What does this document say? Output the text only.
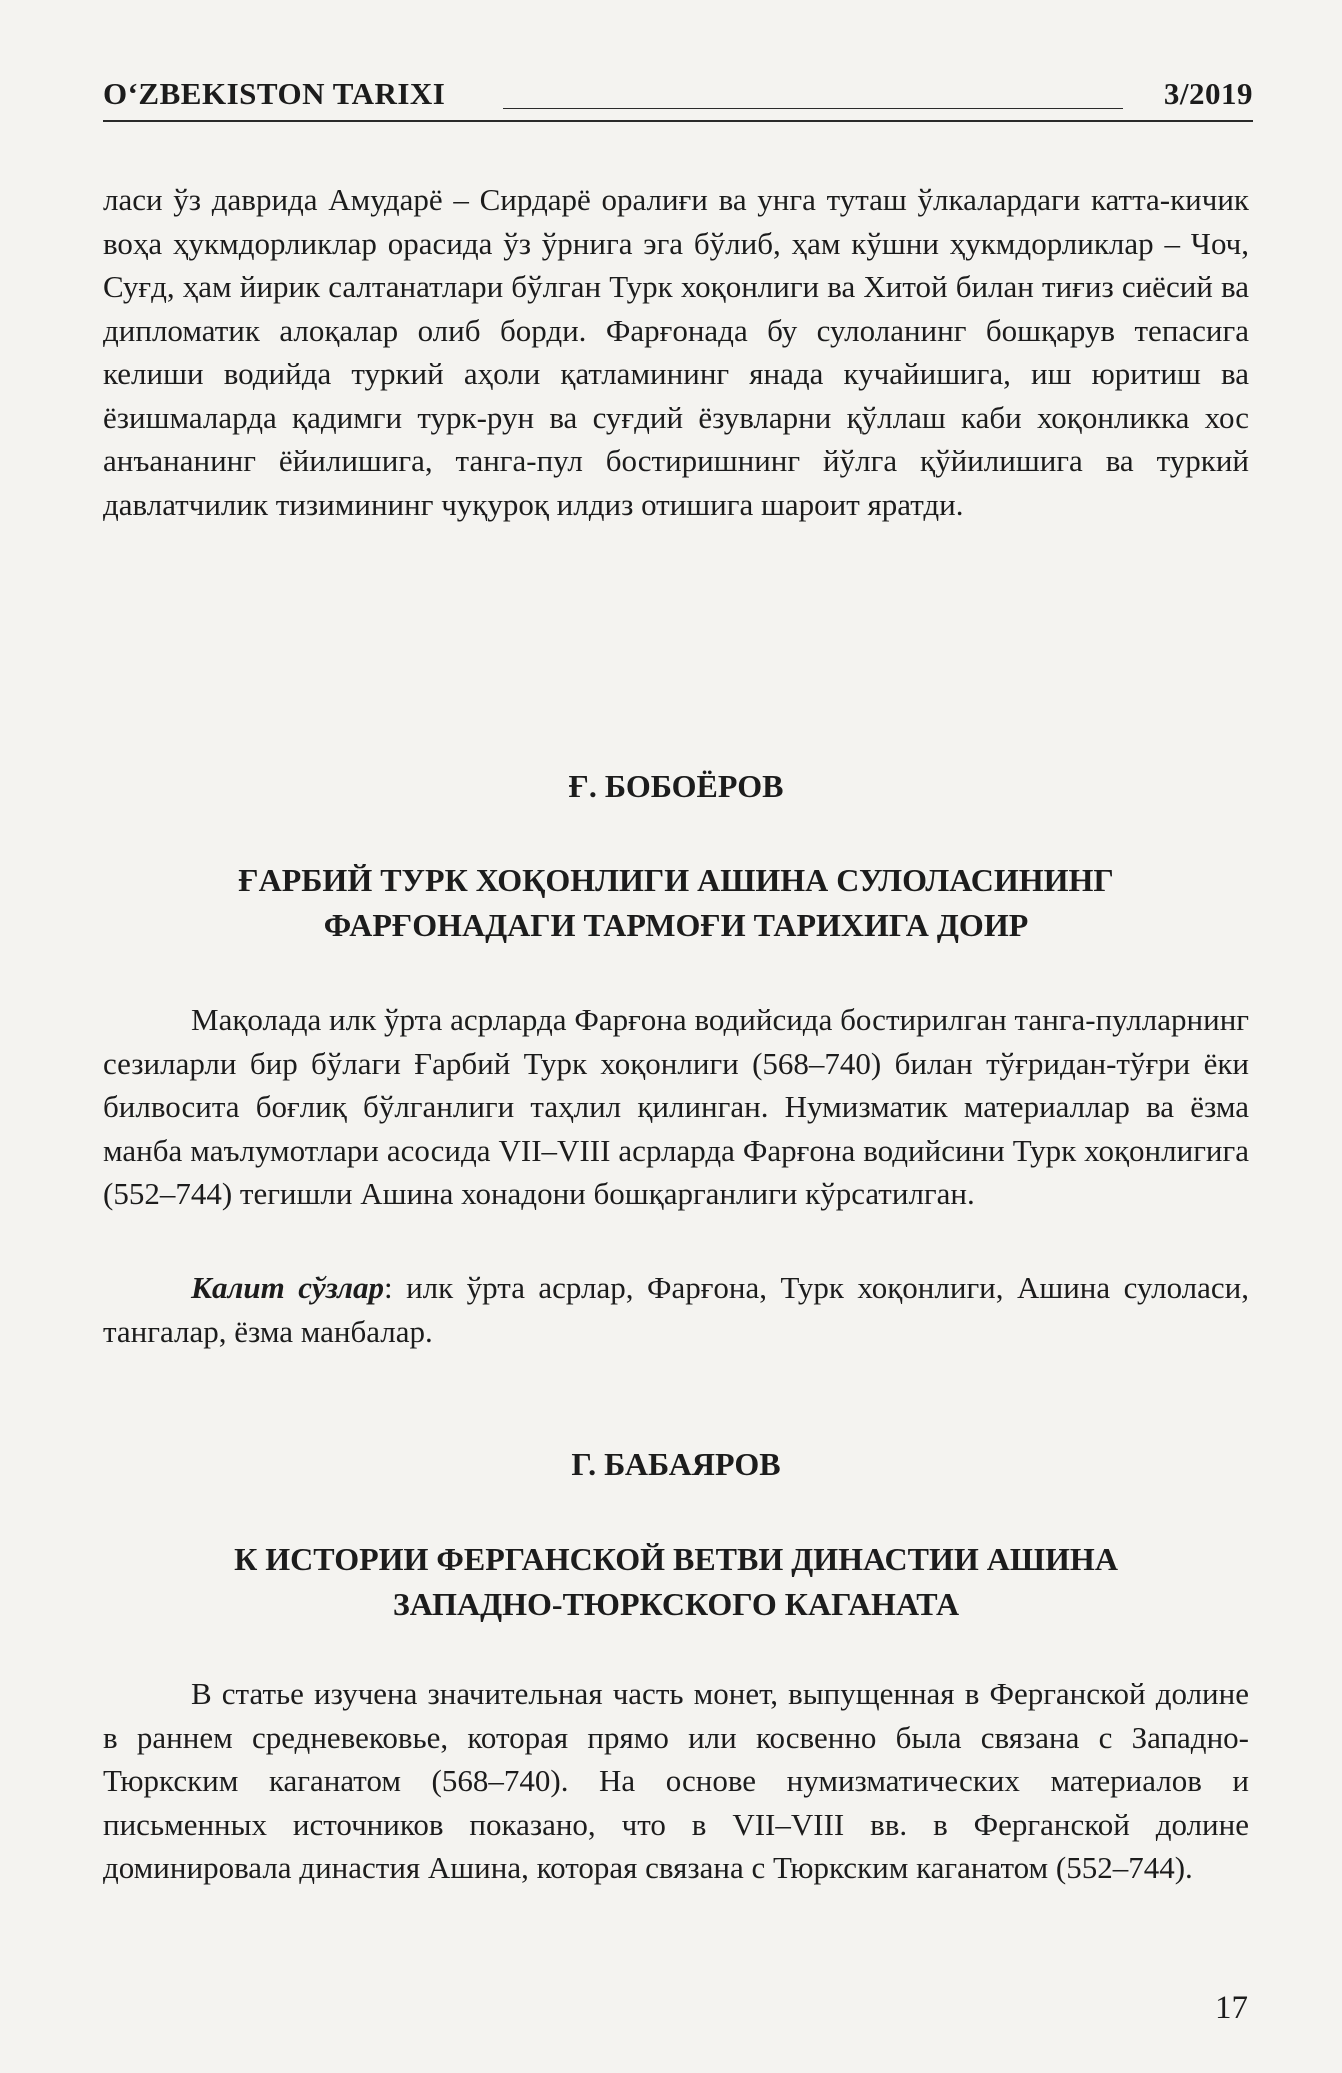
O‘ZBEKISTON TARIXI	3/2019

ласи ўз даврида Амударё – Сирдарё оралиғи ва унга туташ ўлкалардаги катта-кичик воҳа ҳукмдорликлар орасида ўз ўрнига эга бўлиб, ҳам кўшни ҳукмдорликлар – Чоч, Суғд, ҳам йирик салтанатлари бўлган Турк хоқонлиги ва Хитой билан тиғиз сиёсий ва дипломатик алоқалар олиб борди. Фарғонада бу сулоланинг бошқарув тепасига келиши водийда туркий аҳоли қатламининг янада кучайишига, иш юритиш ва ёзишмаларда қадимги турк-рун ва суғдий ёзувларни қўллаш каби хоқонликка хос анъананинг ёйилишига, танга-пул бостиришнинг йўлга қўйилишига ва туркий давлатчилик тизимининг чуқуроқ илдиз отишига шароит яратди.

Ғ. БОБОЁРОВ

ҒАРБИЙ ТУРК ХОҚОНЛИГИ АШИНА СУЛОЛАСИНИНГ

ФАРҒОНАДАГИ ТАРМОҒИ ТАРИХИГА ДОИР

Мақолада илк ўрта асрларда Фарғона водийсида бостирилган танга-пулларнинг сезиларли бир бўлаги Ғарбий Турк хоқонлиги (568–740) билан тўғридан-тўғри ёки билвосита боғлиқ бўлганлиги таҳлил қилинган. Нумизматик материаллар ва ёзма манба маълумотлари асосида VII–VIII асрларда Фарғона водийсини Турк хоқонлигига (552–744) тегишли Ашина хонадони бошқарганлиги кўрсатилган.

Калит сўзлар: илк ўрта асрлар, Фарғона, Турк хоқонлиги, Ашина сулоласи, тангалар, ёзма манбалар.

Г. БАБАЯРОВ

К ИСТОРИИ ФЕРГАНСКОЙ ВЕТВИ ДИНАСТИИ АШИНА

ЗАПАДНО-ТЮРКСКОГО КАГАНАТА

В статье изучена значительная часть монет, выпущенная в Ферганской долине в раннем средневековье, которая прямо или косвенно была связана с Западно-Тюркским каганатом (568–740). На основе нумизматических материалов и письменных источников показано, что в VII–VIII вв. в Ферганской долине доминировала династия Ашина, которая связана с Тюркским каганатом (552–744).

17
